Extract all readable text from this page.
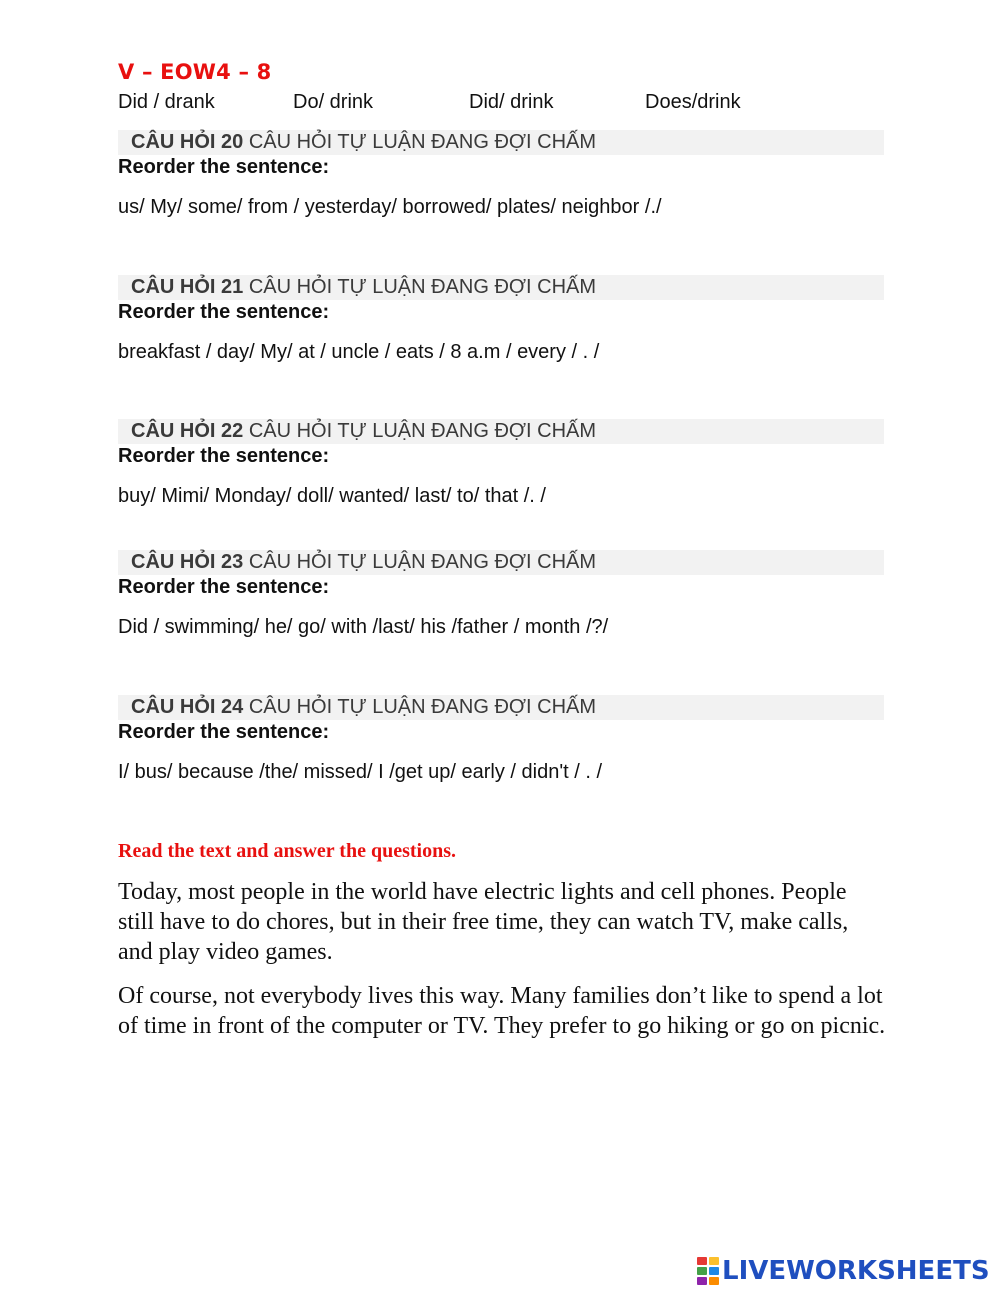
V – EOW4 – 8
Did / drank	Do/ drink	Did/ drink	Does/drink
CÂU HỎI 20 CÂU HỎI TỰ LUẬN ĐANG ĐỢI CHẤM
Reorder the sentence:
us/ My/ some/ from / yesterday/ borrowed/ plates/ neighbor /./
CÂU HỎI 21 CÂU HỎI TỰ LUẬN ĐANG ĐỢI CHẤM
Reorder the sentence:
breakfast / day/ My/ at / uncle / eats / 8 a.m / every / . /
CÂU HỎI 22 CÂU HỎI TỰ LUẬN ĐANG ĐỢI CHẤM
Reorder the sentence:
buy/ Mimi/ Monday/ doll/ wanted/ last/ to/ that /. /
CÂU HỎI 23 CÂU HỎI TỰ LUẬN ĐANG ĐỢI CHẤM
Reorder the sentence:
Did / swimming/ he/ go/ with /last/ his /father / month /?/
CÂU HỎI 24 CÂU HỎI TỰ LUẬN ĐANG ĐỢI CHẤM
Reorder the sentence:
I/ bus/ because /the/ missed/ I /get up/ early / didn't / . /
Read the text and answer the questions.

Today, most people in the world have electric lights and cell phones. People still have to do chores, but in their free time, they can watch TV, make calls, and play video games.

Of course, not everybody lives this way. Many families don’t like to spend a lot of time in front of the computer or TV. They prefer to go hiking or go on picnic.

LIVEWORKSHEETS
